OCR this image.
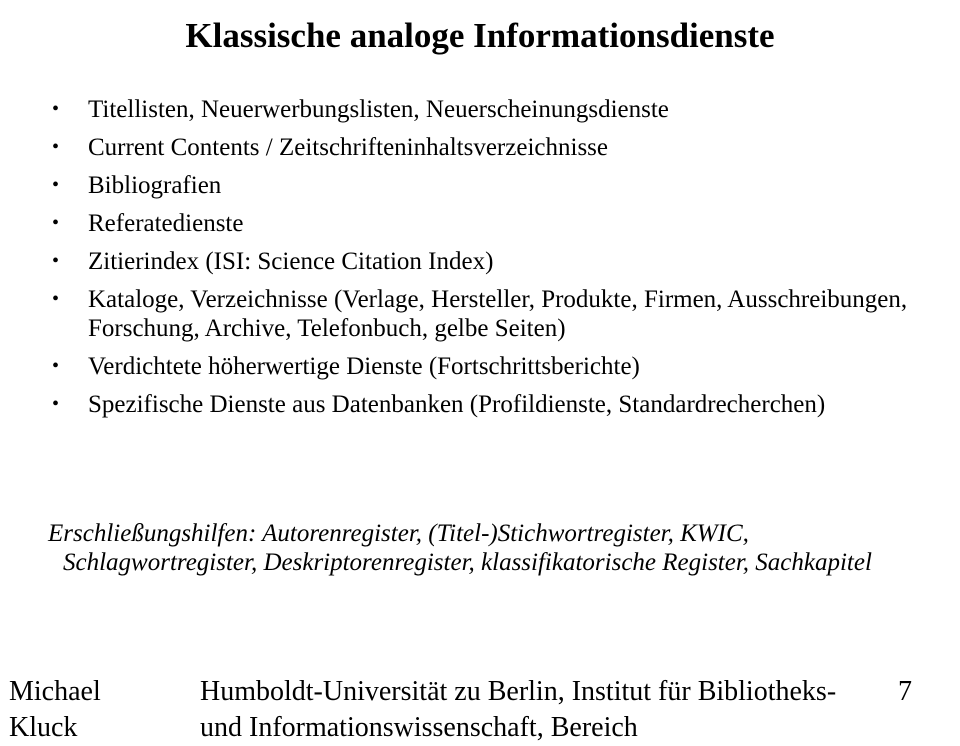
Klassische analoge Informationsdienste
• Titellisten, Neuerwerbungslisten, Neuerscheinungsdienste
• Current Contents / Zeitschrifteninhaltsverzeichnisse
• Bibliografien
• Referatedienste
• Zitierindex (ISI: Science Citation Index)
• Kataloge, Verzeichnisse (Verlage, Hersteller, Produkte, Firmen, Ausschreibungen, Forschung, Archive, Telefonbuch, gelbe Seiten)
• Verdichtete höherwertige Dienste (Fortschrittsberichte)
• Spezifische Dienste aus Datenbanken (Profildienste, Standardrecherchen)
Erschließungshilfen: Autorenregister, (Titel-)Stichwortregister, KWIC, Schlagwortregister, Deskriptorenregister, klassifikatorische Register, Sachkapitel
Michael Kluck
Humboldt-Universität zu Berlin, Institut für Bibliotheks- und Informationswissenschaft, Bereich
7
